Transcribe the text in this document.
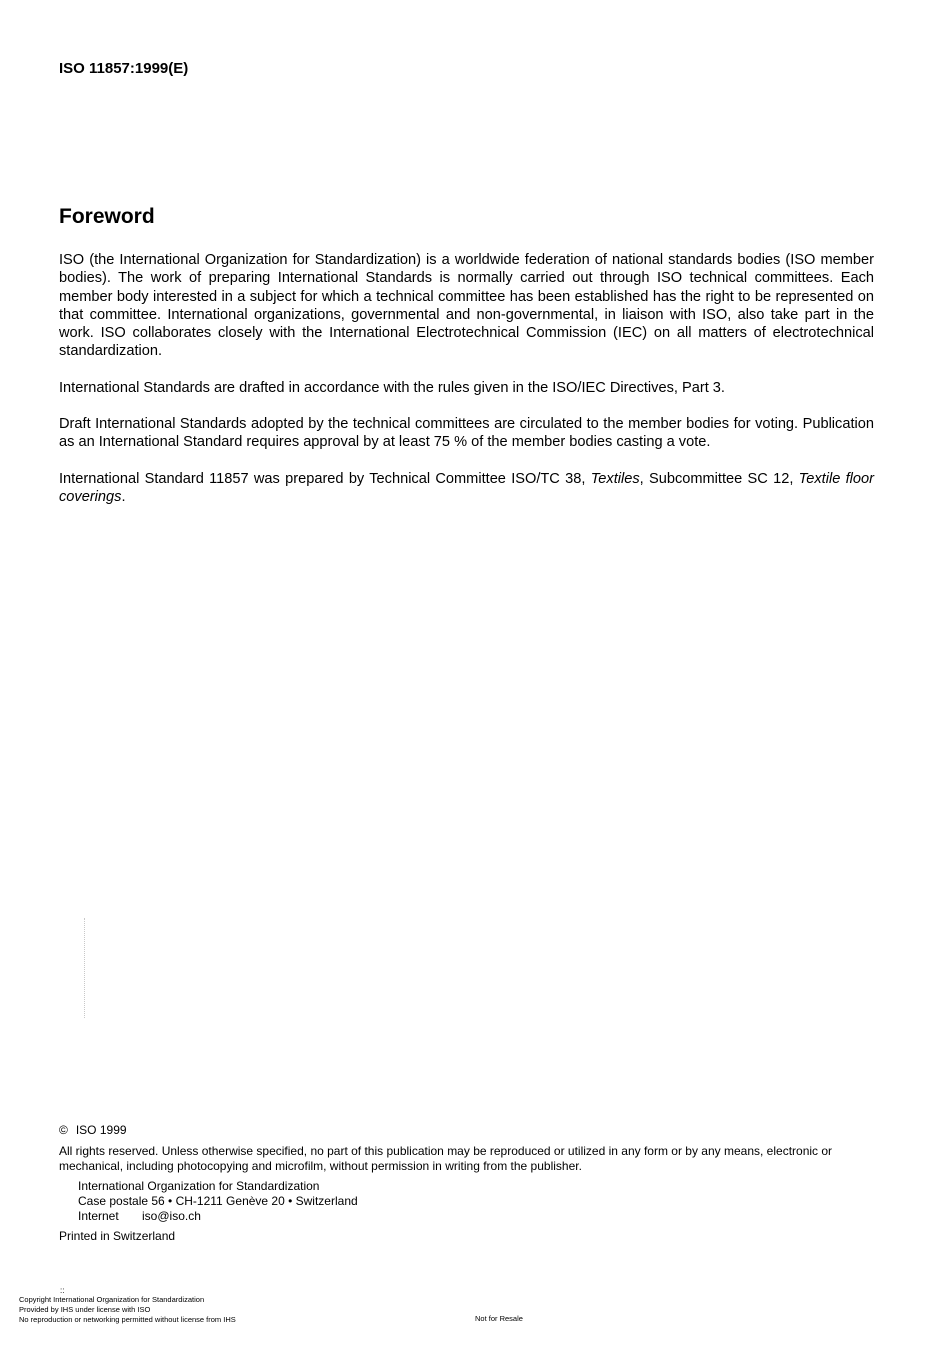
ISO 11857:1999(E)
Foreword

ISO (the International Organization for Standardization) is a worldwide federation of national standards bodies (ISO member bodies). The work of preparing International Standards is normally carried out through ISO technical committees. Each member body interested in a subject for which a technical committee has been established has the right to be represented on that committee. International organizations, governmental and non-governmental, in liaison with ISO, also take part in the work. ISO collaborates closely with the International Electrotechnical Commission (IEC) on all matters of electrotechnical standardization.

International Standards are drafted in accordance with the rules given in the ISO/IEC Directives, Part 3.

Draft International Standards adopted by the technical committees are circulated to the member bodies for voting. Publication as an International Standard requires approval by at least 75 % of the member bodies casting a vote.

International Standard 11857 was prepared by Technical Committee ISO/TC 38, Textiles, Subcommittee SC 12, Textile floor coverings.

© ISO 1999
All rights reserved. Unless otherwise specified, no part of this publication may be reproduced or utilized in any form or by any means, electronic or mechanical, including photocopying and microfilm, without permission in writing from the publisher.
International Organization for Standardization
Case postale 56 • CH-1211 Genève 20 • Switzerland
Internet iso@iso.ch
Printed in Switzerland
::
Copyright International Organization for Standardization
Provided by IHS under license with ISO
No reproduction or networking permitted without license from IHS	Not for Resale
